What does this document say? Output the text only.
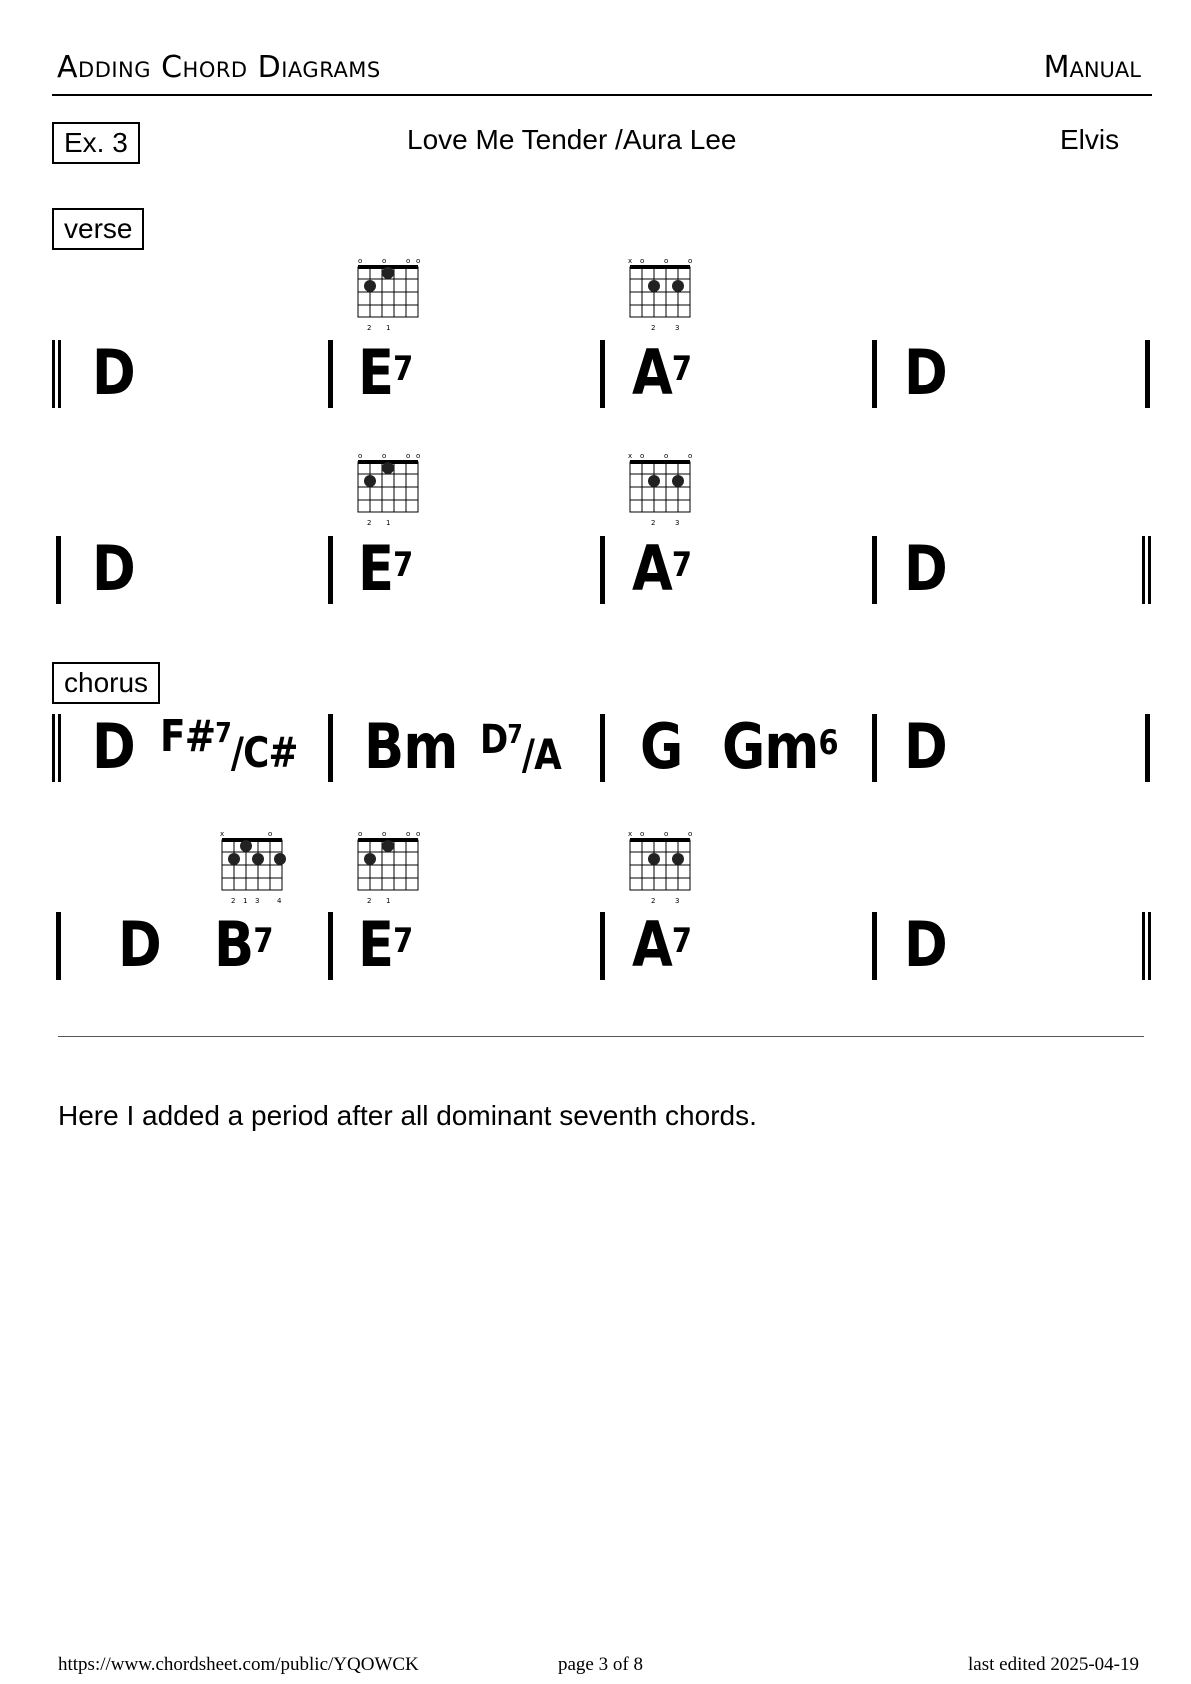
Adding Chord Diagrams	Manual
Ex. 3	Love Me Tender /Aura Lee	Elvis
verse
o	o	o o
2 1
x o	o	o
2	3
D	$E^7$	$A^7$	D
o	o	o o
2 1
x o	o	o
2	3
D	$E^7$	$A^7$	D
chorus
D F#$^7$/C# Bm $D^7/A$ G Gm$^6$ D
x	o
2 1 3	4
o	o	o o
2 1
x o	o	o
2	3
D $B^7$ $E^7$	$A^7$	D
Here I added a period after all dominant seventh chords.
https://www.chordsheet.com/public/YQOWCK	page 3 of 8	last edited 2025-04-19
